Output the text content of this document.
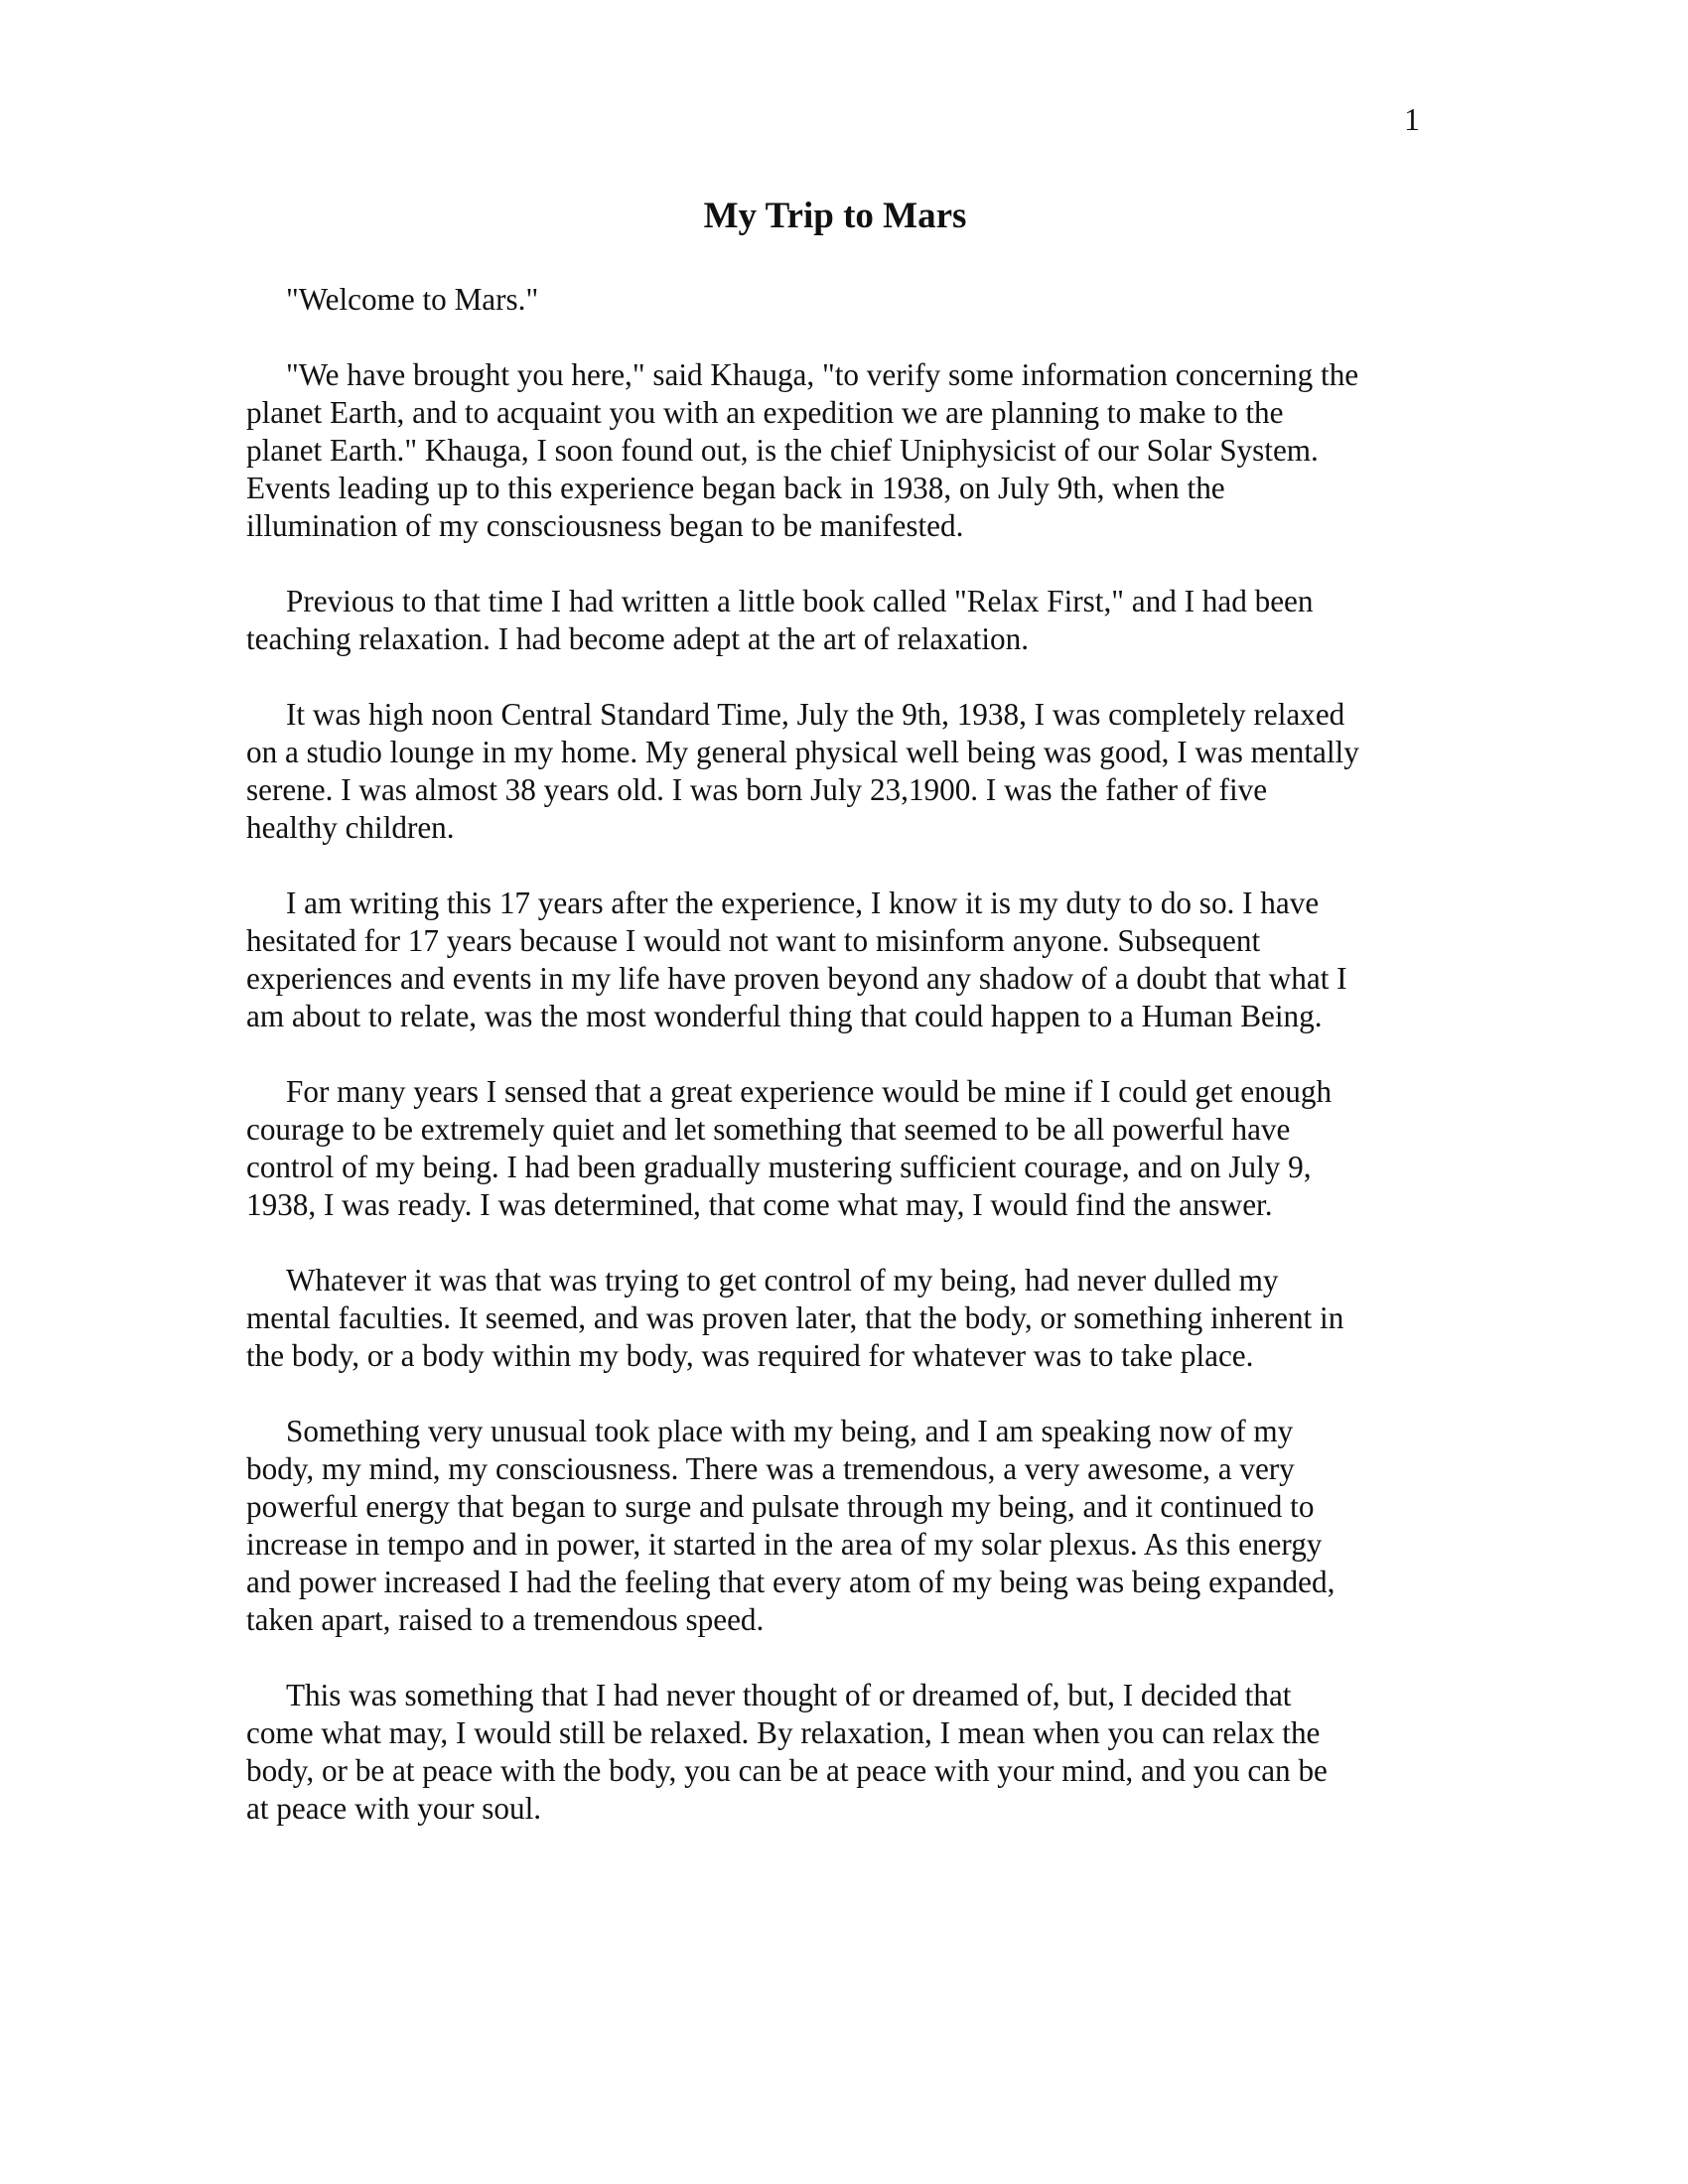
1
My Trip to Mars

"Welcome to Mars."

"We have brought you here," said Khauga, "to verify some information concerning the
planet Earth, and to acquaint you with an expedition we are planning to make to the
planet Earth." Khauga, I soon found out, is the chief Uniphysicist of our Solar System.
Events leading up to this experience began back in 1938, on July 9th, when the
illumination of my consciousness began to be manifested.

Previous to that time I had written a little book called "Relax First," and I had been
teaching relaxation. I had become adept at the art of relaxation.

It was high noon Central Standard Time, July the 9th, 1938, I was completely relaxed
on a studio lounge in my home. My general physical well being was good, I was mentally
serene. I was almost 38 years old. I was born July 23,1900. I was the father of five
healthy children.

I am writing this 17 years after the experience, I know it is my duty to do so. I have
hesitated for 17 years because I would not want to misinform anyone. Subsequent
experiences and events in my life have proven beyond any shadow of a doubt that what I
am about to relate, was the most wonderful thing that could happen to a Human Being.

For many years I sensed that a great experience would be mine if I could get enough
courage to be extremely quiet and let something that seemed to be all powerful have
control of my being. I had been gradually mustering sufficient courage, and on July 9,
1938, I was ready. I was determined, that come what may, I would find the answer.

Whatever it was that was trying to get control of my being, had never dulled my
mental faculties. It seemed, and was proven later, that the body, or something inherent in
the body, or a body within my body, was required for whatever was to take place.

Something very unusual took place with my being, and I am speaking now of my
body, my mind, my consciousness. There was a tremendous, a very awesome, a very
powerful energy that began to surge and pulsate through my being, and it continued to
increase in tempo and in power, it started in the area of my solar plexus. As this energy
and power increased I had the feeling that every atom of my being was being expanded,
taken apart, raised to a tremendous speed.

This was something that I had never thought of or dreamed of, but, I decided that
come what may, I would still be relaxed. By relaxation, I mean when you can relax the
body, or be at peace with the body, you can be at peace with your mind, and you can be
at peace with your soul.
